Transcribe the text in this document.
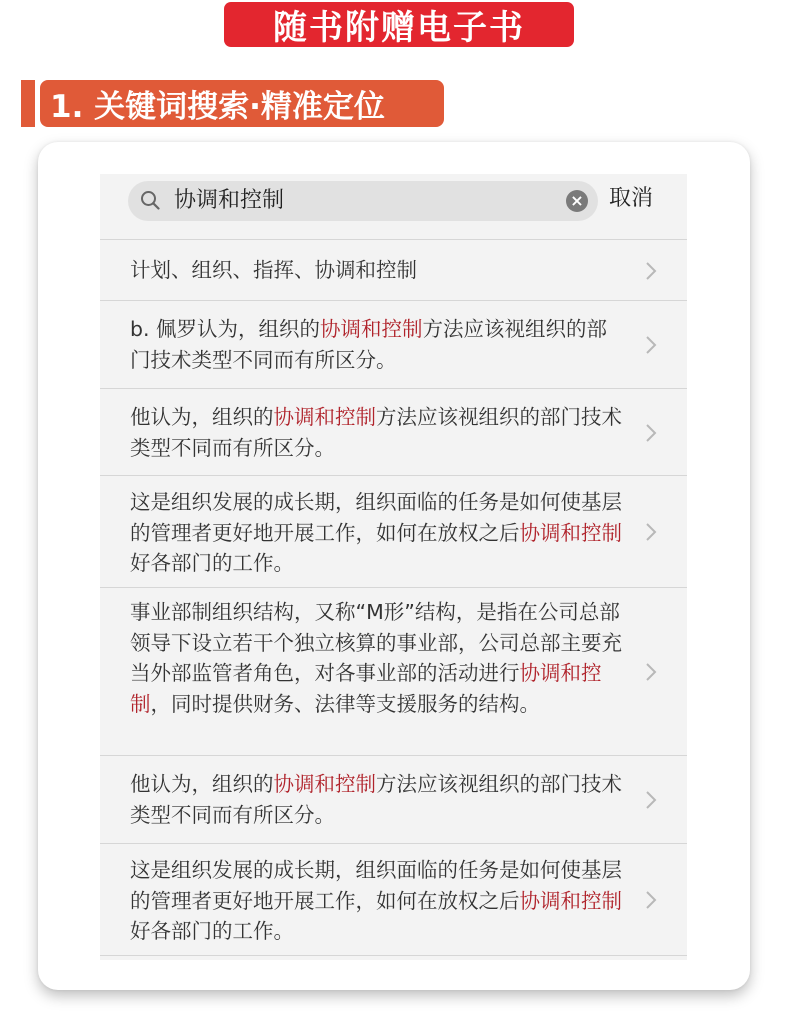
随书附赠电子书
1. 关键词搜索·精准定位
协调和控制	× 取消
计划、组织、指挥、协调和控制
b. 佩罗认为，组织的协调和控制方法应该视组织的部门技术类型不同而有所区分。
他认为，组织的协调和控制方法应该视组织的部门技术类型不同而有所区分。
这是组织发展的成长期，组织面临的任务是如何使基层的管理者更好地开展工作，如何在放权之后协调和控制好各部门的工作。
事业部制组织结构，又称“M形”结构，是指在公司总部领导下设立若干个独立核算的事业部，公司总部主要充当外部监管者角色，对各事业部的活动进行协调和控制，同时提供财务、法律等支援服务的结构。
他认为，组织的协调和控制方法应该视组织的部门技术类型不同而有所区分。
这是组织发展的成长期，组织面临的任务是如何使基层的管理者更好地开展工作，如何在放权之后协调和控制好各部门的工作。
